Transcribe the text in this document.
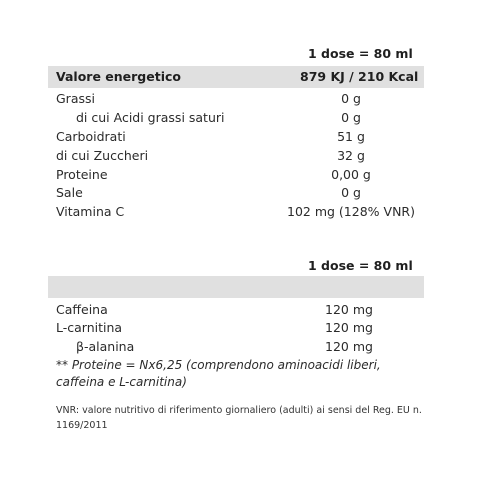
1 dose = 80 ml
Valore energetico	879 KJ / 210 Kcal
Grassi	0 g
di cui Acidi grassi saturi	0 g
Carboidrati	51 g
di cui Zuccheri	32 g
Proteine	0,00 g
Sale	0 g
Vitamina C	102 mg (128% VNR)
1 dose = 80 ml
Caffeina	120 mg
L-carnitina	120 mg
β-alanina	120 mg
** Proteine = Nx6,25 (comprendono aminoacidi liberi, caffeina e L-carnitina)
VNR: valore nutritivo di riferimento giornaliero (adulti) ai sensi del Reg. EU n. 1169/2011
